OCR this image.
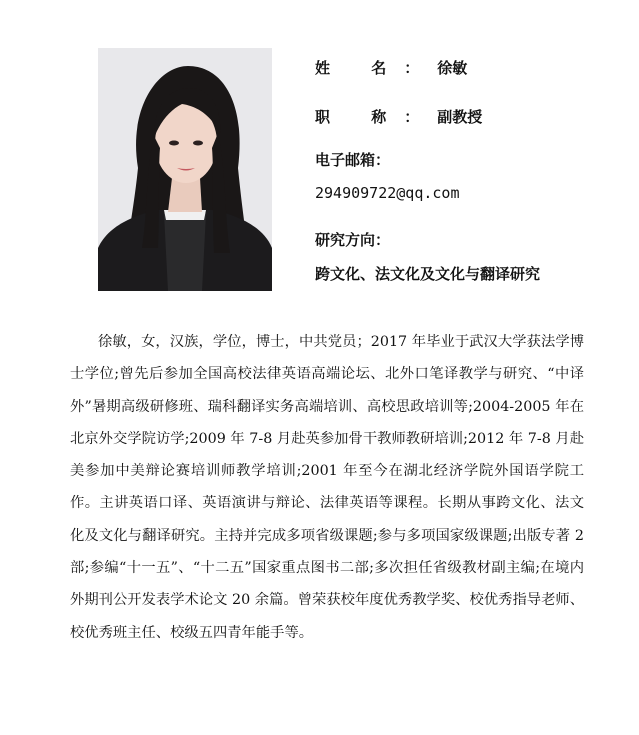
姓 名：徐敏
职 称：副教授
电子邮箱：
294909722@qq.com
研究方向：
跨文化、法文化及文化与翻译研究

徐敏，女，汉族，学位，博士，中共党员；2017 年毕业于武汉大学获法学博士学位;曾先后参加全国高校法律英语高端论坛、北外口笔译教学与研究、“中译外”暑期高级研修班、瑞科翻译实务高端培训、高校思政培训等;2004-2005 年在北京外交学院访学;2009 年 7-8 月赴英参加骨干教师教研培训;2012 年 7-8 月赴美参加中美辩论赛培训师教学培训;2001 年至今在湖北经济学院外国语学院工作。主讲英语口译、英语演讲与辩论、法律英语等课程。长期从事跨文化、法文化及文化与翻译研究。主持并完成多项省级课题;参与多项国家级课题;出版专著 2 部;参编“十一五”、“十二五”国家重点图书二部;多次担任省级教材副主编;在境内外期刊公开发表学术论文 20 余篇。曾荣获校年度优秀教学奖、校优秀指导老师、校优秀班主任、校级五四青年能手等。
